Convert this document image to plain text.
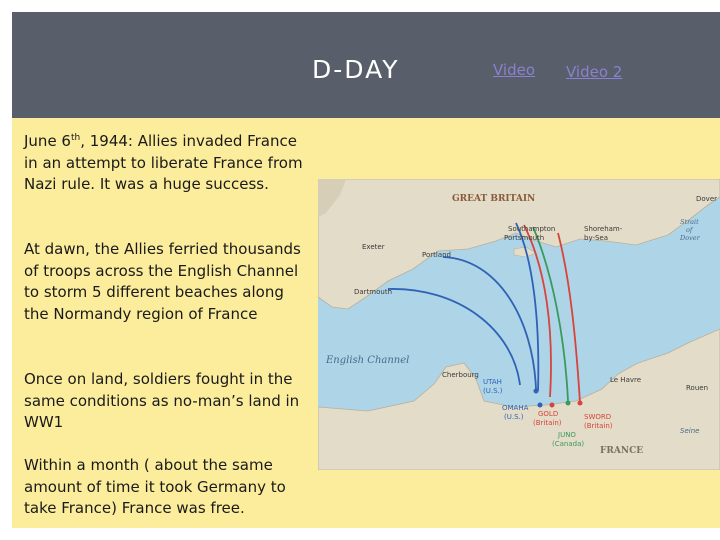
D-DAY	Video Video 2
June 6th, 1944: Allies invaded France in an attempt to liberate France from Nazi rule. It was a huge success.
At dawn, the Allies ferried thousands of troops across the English Channel to storm 5 different beaches along the Normandy region of France
Once on land, soldiers fought in the same conditions as no-man’s land in WW1
Within a month ( about the same amount of time it took Germany to take France) France was free.
GREAT BRITAIN
English Channel
FRANCE
Strait
of
Dover
Dover
Southampton
Portsmouth
Shoreham-
by-Sea
Exeter
Portland
Dartmouth
Cherbourg
Le Havre
Rouen
Seine
UTAH
(U.S.)
OMAHA
(U.S.) GOLD
(Britain)
JUNO
(Canada)
SWORD
(Britain)
